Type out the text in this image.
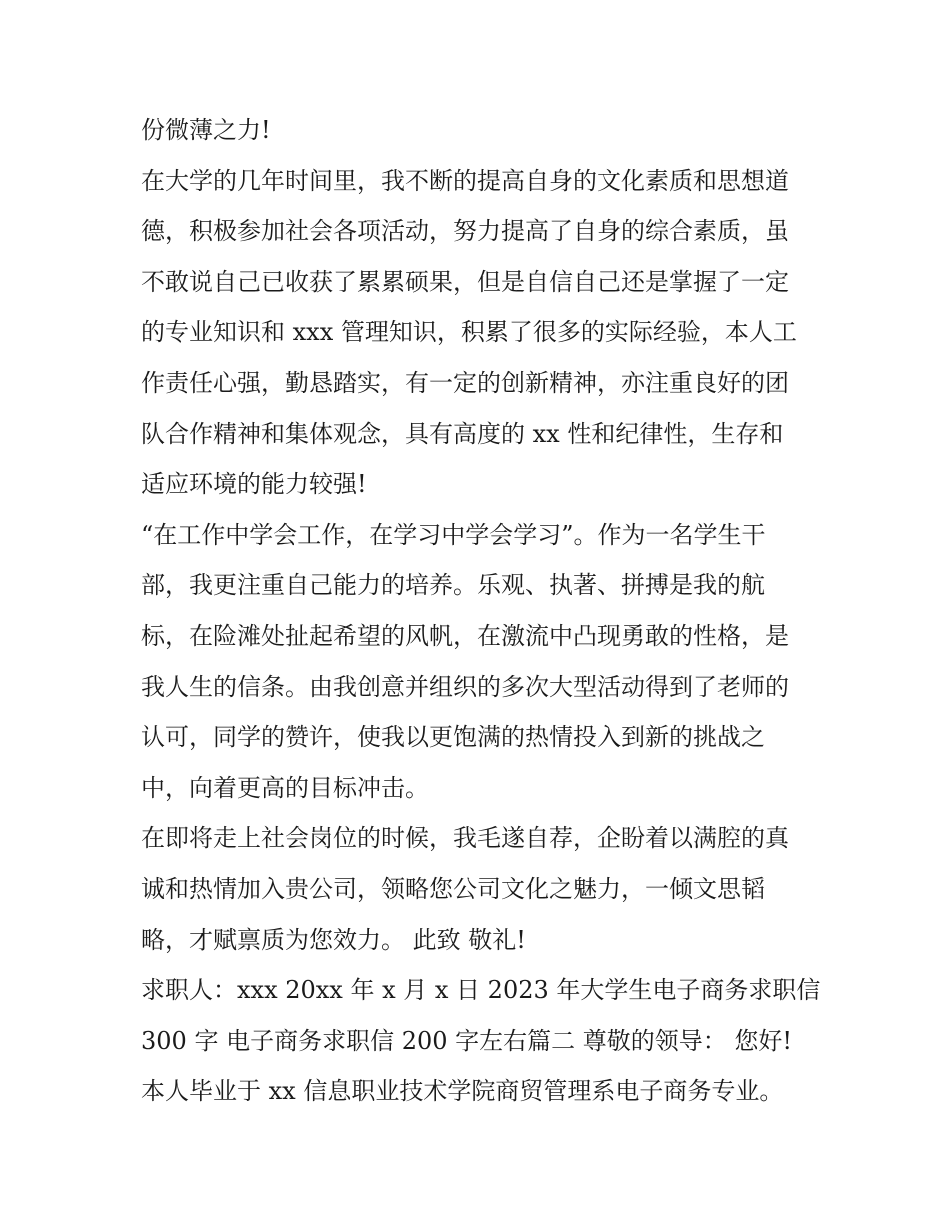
份微薄之力!
在大学的几年时间里，我不断的提高自身的文化素质和思想道
德，积极参加社会各项活动，努力提高了自身的综合素质，虽
不敢说自己已收获了累累硕果，但是自信自己还是掌握了一定
的专业知识和 xxx 管理知识，积累了很多的实际经验，本人工
作责任心强，勤恳踏实，有一定的创新精神，亦注重良好的团
队合作精神和集体观念，具有高度的 xx 性和纪律性，生存和
适应环境的能力较强!
“在工作中学会工作，在学习中学会学习”。作为一名学生干
部，我更注重自己能力的培养。乐观、执著、拼搏是我的航
标，在险滩处扯起希望的风帆，在激流中凸现勇敢的性格，是
我人生的信条。由我创意并组织的多次大型活动得到了老师的
认可，同学的赞许，使我以更饱满的热情投入到新的挑战之
中，向着更高的目标冲击。
在即将走上社会岗位的时候，我毛遂自荐，企盼着以满腔的真
诚和热情加入贵公司，领略您公司文化之魅力，一倾文思韬
略，才赋禀质为您效力。 此致 敬礼!
求职人：xxx 20xx 年 x 月 x 日 2023 年大学生电子商务求职信
300 字 电子商务求职信 200 字左右篇二 尊敬的领导： 您好!
本人毕业于 xx 信息职业技术学院商贸管理系电子商务专业。
